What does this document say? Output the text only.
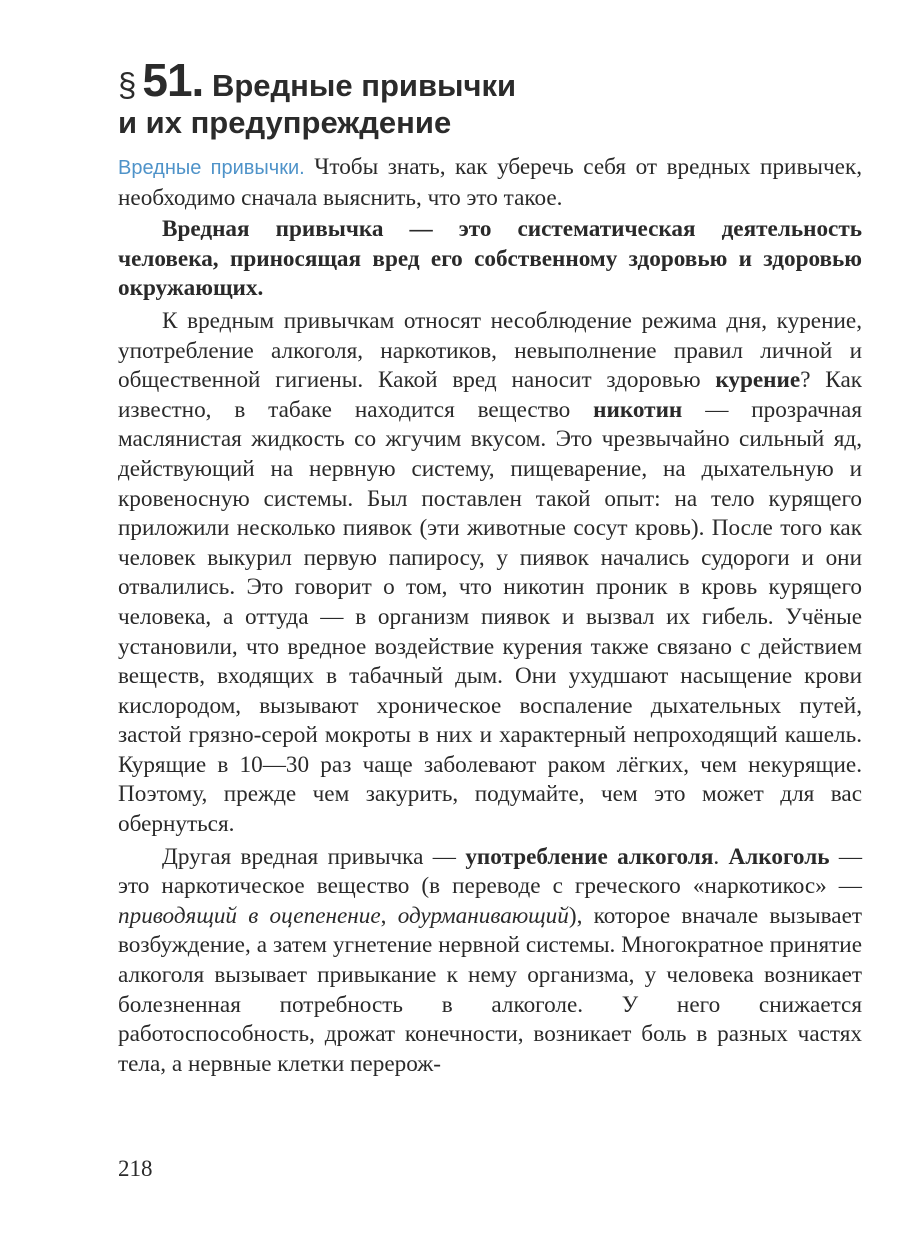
§ 51. Вредные привычки
и их предупреждение

Вредные привычки. Чтобы знать, как уберечь себя от вредных привычек, необходимо сначала выяснить, что это такое.

Вредная привычка — это систематическая деятельность человека, приносящая вред его собственному здоровью и здоровью окружающих.

К вредным привычкам относят несоблюдение режима дня, курение, употребление алкоголя, наркотиков, невыполнение правил личной и общественной гигиены. Какой вред наносит здоровью курение? Как известно, в табаке находится вещество никотин — прозрачная маслянистая жидкость со жгучим вкусом. Это чрезвычайно сильный яд, действующий на нервную систему, пищеварение, на дыхательную и кровеносную системы. Был поставлен такой опыт: на тело курящего приложили несколько пиявок (эти животные сосут кровь). После того как человек выкурил первую папиросу, у пиявок начались судороги и они отвалились. Это говорит о том, что никотин проник в кровь курящего человека, а оттуда — в организм пиявок и вызвал их гибель. Учёные установили, что вредное воздействие курения также связано с действием веществ, входящих в табачный дым. Они ухудшают насыщение крови кислородом, вызывают хроническое воспаление дыхательных путей, застой грязно-серой мокроты в них и характерный непроходящий кашель. Курящие в 10—30 раз чаще заболевают раком лёгких, чем некурящие. Поэтому, прежде чем закурить, подумайте, чем это может для вас обернуться.

Другая вредная привычка — употребление алкоголя. Алкоголь — это наркотическое вещество (в переводе с греческого «наркотикос» — приводящий в оцепенение, одурманивающий), которое вначале вызывает возбуждение, а затем угнетение нервной системы. Многократное принятие алкоголя вызывает привыкание к нему организма, у человека возникает болезненная потребность в алкоголе. У него снижается работоспособность, дрожат конечности, возникает боль в разных частях тела, а нервные клетки перерож-

218
